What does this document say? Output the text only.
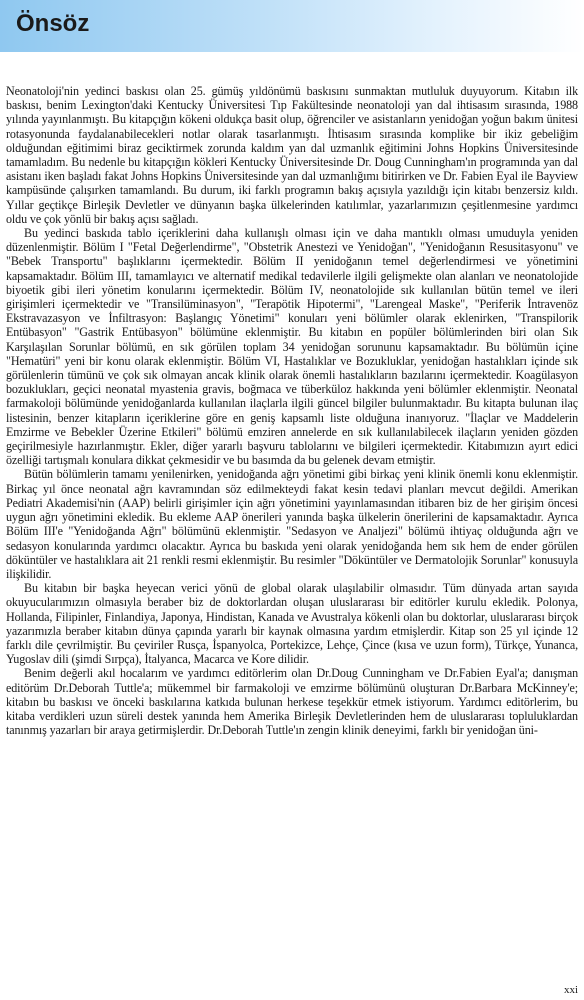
Önsöz

Neonatoloji'nin yedinci baskısı olan 25. gümüş yıldönümü baskısını sunmaktan mutluluk duyuyorum. Kitabın ilk baskısı, benim Lexington'daki Kentucky Üniversitesi Tıp Fakültesinde neonatoloji yan dal ihtisasım sırasında, 1988 yılında yayınlanmıştı. Bu kitapçığın kökeni oldukça basit olup, öğrenciler ve asistanların yenidoğan yoğun bakım ünitesi rotasyonunda faydalanabilecekleri notlar olarak tasarlanmıştı. İhtisasım sırasında komplike bir ikiz gebeliğim olduğundan eğitimimi biraz geciktirmek zorunda kaldım yan dal uzmanlık eğitimini Johns Hopkins Üniversitesinde tamamladım. Bu nedenle bu kitapçığın kökleri Kentucky Üniversitesinde Dr. Doug Cunningham'ın programında yan dal asistanı iken başladı fakat Johns Hopkins Üniversitesinde yan dal uzmanlığımı bitirirken ve Dr. Fabien Eyal ile Bayview kampüsünde çalışırken tamamlandı. Bu durum, iki farklı programın bakış açısıyla yazıldığı için kitabı benzersiz kıldı. Yıllar geçtikçe Birleşik Devletler ve dünyanın başka ülkelerinden katılımlar, yazarlarımızın çeşitlenmesine yardımcı oldu ve çok yönlü bir bakış açısı sağladı.

Bu yedinci baskıda tablo içeriklerini daha kullanışlı olması için ve daha mantıklı olması umuduyla yeniden düzenlenmiştir. Bölüm I "Fetal Değerlendirme", "Obstetrik Anestezi ve Yenidoğan", "Yenidoğanın Resusitasyonu" ve "Bebek Transportu" başlıklarını içermektedir. Bölüm II yenidoğanın temel değerlendirmesi ve yönetimini kapsamaktadır. Bölüm III, tamamlayıcı ve alternatif medikal tedavilerle ilgili gelişmekte olan alanları ve neonatolojide biyoetik gibi ileri yönetim konularını içermektedir. Bölüm IV, neonatolojide sık kullanılan bütün temel ve ileri girişimleri içermektedir ve "Transilüminasyon", "Terapötik Hipotermi", "Larengeal Maske", "Periferik İntravenöz Ekstravazasyon ve İnfiltrasyon: Başlangıç Yönetimi" konuları yeni bölümler olarak eklenirken, "Transpilorik Entübasyon" "Gastrik Entübasyon" bölümüne eklenmiştir. Bu kitabın en popüler bölümlerinden biri olan Sık Karşılaşılan Sorunlar bölümü, en sık görülen toplam 34 yenidoğan sorununu kapsamaktadır. Bu bölümün içine "Hematüri" yeni bir konu olarak eklenmiştir. Bölüm VI, Hastalıklar ve Bozukluklar, yenidoğan hastalıkları içinde sık görülenlerin tümünü ve çok sık olmayan ancak klinik olarak önemli hastalıkların bazılarını içermektedir. Koagülasyon bozuklukları, geçici neonatal myastenia gravis, boğmaca ve tüberküloz hakkında yeni bölümler eklenmiştir. Neonatal farmakoloji bölümünde yenidoğanlarda kullanılan ilaçlarla ilgili güncel bilgiler bulunmaktadır. Bu kitapta bulunan ilaç listesinin, benzer kitapların içeriklerine göre en geniş kapsamlı liste olduğuna inanıyoruz. "İlaçlar ve Maddelerin Emzirme ve Bebekler Üzerine Etkileri" bölümü emziren annelerde en sık kullanılabilecek ilaçların yeniden gözden geçirilmesiyle hazırlanmıştır. Ekler, diğer yararlı başvuru tablolarını ve bilgileri içermektedir. Kitabımızın ayırt edici özelliği tartışmalı konulara dikkat çekmesidir ve bu basımda da bu gelenek devam etmiştir.

Bütün bölümlerin tamamı yenilenirken, yenidoğanda ağrı yönetimi gibi birkaç yeni klinik önemli konu eklenmiştir. Birkaç yıl önce neonatal ağrı kavramından söz edilmekteydi fakat kesin tedavi planları mevcut değildi. Amerikan Pediatri Akademisi'nin (AAP) belirli girişimler için ağrı yönetimini yayınlamasından itibaren biz de her girişim öncesi uygun ağrı yönetimini ekledik. Bu ekleme AAP önerileri yanında başka ülkelerin önerilerini de kapsamaktadır. Ayrıca Bölüm III'e "Yenidoğanda Ağrı" bölümünü eklenmiştir. "Sedasyon ve Analjezi" bölümü ihtiyaç olduğunda ağrı ve sedasyon konularında yardımcı olacaktır. Ayrıca bu baskıda yeni olarak yenidoğanda hem sık hem de ender görülen döküntüler ve hastalıklara ait 21 renkli resmi eklenmiştir. Bu resimler "Döküntüler ve Dermatolojik Sorunlar" konusuyla ilişkilidir.

Bu kitabın bir başka heyecan verici yönü de global olarak ulaşılabilir olmasıdır. Tüm dünyada artan sayıda okuyucularımızın olmasıyla beraber biz de doktorlardan oluşan uluslararası bir editörler kurulu ekledik. Polonya, Hollanda, Filipinler, Finlandiya, Japonya, Hindistan, Kanada ve Avustralya kökenli olan bu doktorlar, uluslararası birçok yazarımızla beraber kitabın dünya çapında yararlı bir kaynak olmasına yardım etmişlerdir. Kitap son 25 yıl içinde 12 farklı dile çevrilmiştir. Bu çeviriler Rusça, İspanyolca, Portekizce, Lehçe, Çince (kısa ve uzun form), Türkçe, Yunanca, Yugoslav dili (şimdi Sırpça), İtalyanca, Macarca ve Kore dilidir.

Benim değerli akıl hocalarım ve yardımcı editörlerim olan Dr.Doug Cunningham ve Dr.Fabien Eyal'a; danışman editörüm Dr.Deborah Tuttle'a; mükemmel bir farmakoloji ve emzirme bölümünü oluşturan Dr.Barbara McKinney'e; kitabın bu baskısı ve önceki baskılarına katkıda bulunan herkese teşekkür etmek istiyorum. Yardımcı editörlerim, bu kitaba verdikleri uzun süreli destek yanında hem Amerika Birleşik Devletlerinden hem de uluslararası topluluklardan tanınmış yazarları bir araya getirmişlerdir. Dr.Deborah Tuttle'ın zengin klinik deneyimi, farklı bir yenidoğan üni-

xxi
